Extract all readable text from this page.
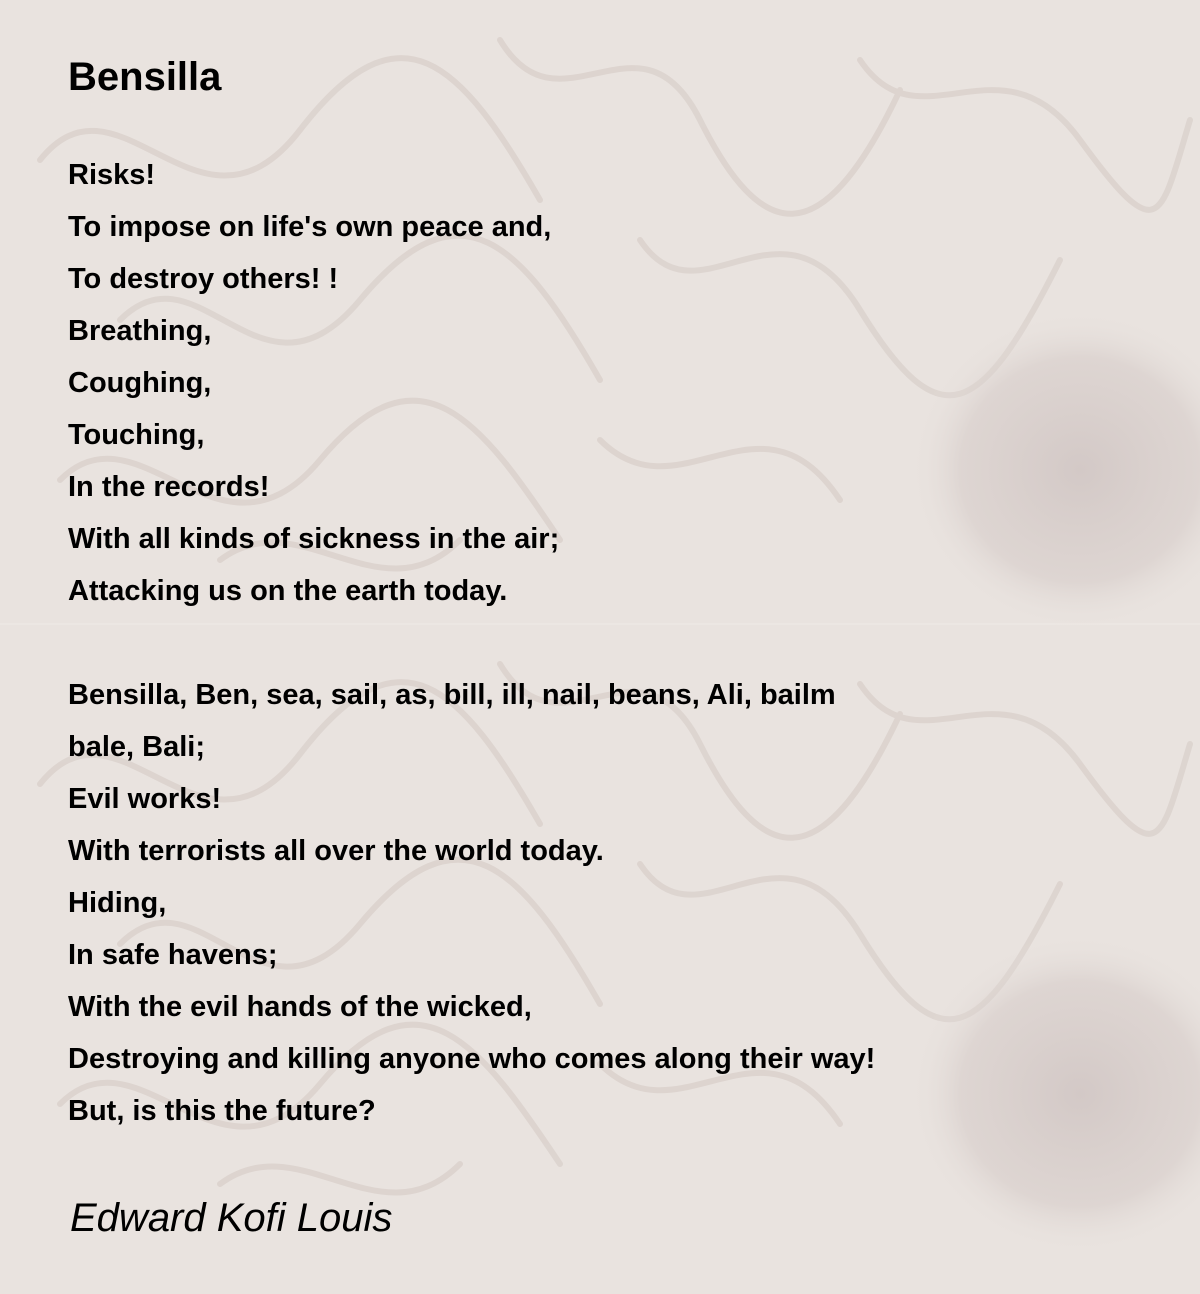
Bensilla
Risks!
To impose on life's own peace and,
To destroy others! !
Breathing,
Coughing,
Touching,
In the records!
With all kinds of sickness in the air;
Attacking us on the earth today.
Bensilla, Ben, sea, sail, as, bill, ill, nail, beans, Ali, bailm
bale, Bali;
Evil works!
With terrorists all over the world today.
Hiding,
In safe havens;
With the evil hands of the wicked,
Destroying and killing anyone who comes along their way!
But, is this the future?

Edward Kofi Louis
